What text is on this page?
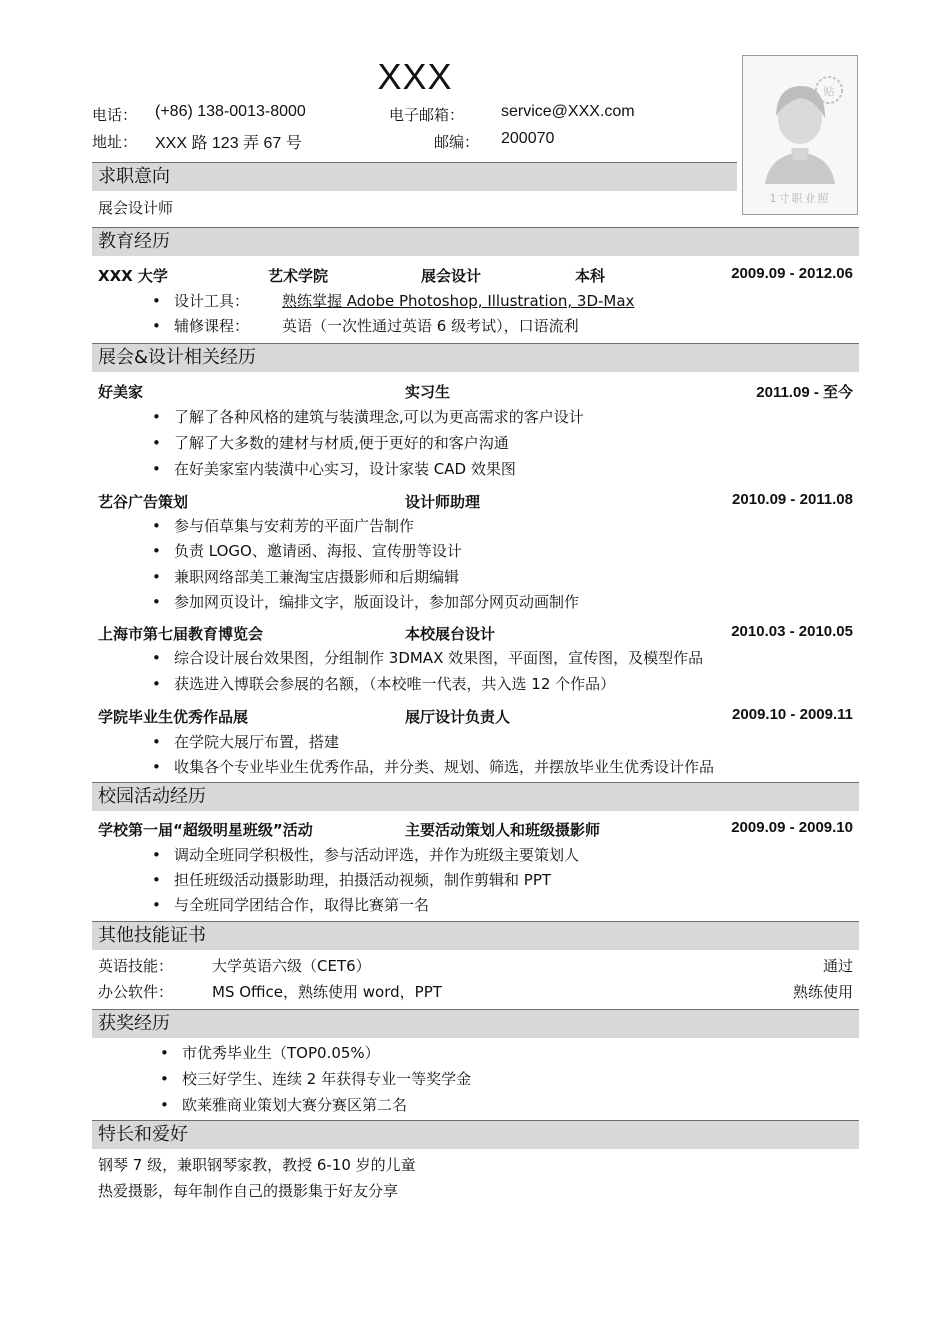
XXX
电话： (+86) 138-0013-8000	电子邮箱： service@XXX.com
地址： XXX 路 123 弄 67 号	邮编： 200070
贴
1寸职业照
求职意向
展会设计师
教育经历
XXX 大学	艺术学院	展会设计	本科	2009.09 - 2012.06
• 设计工具： 熟练掌握 Adobe Photoshop, Illustration, 3D-Max
• 辅修课程： 英语（一次性通过英语 6 级考试），口语流利
展会&设计相关经历
好美家	实习生	2011.09 - 至今
• 了解了各种风格的建筑与装潢理念,可以为更高需求的客户设计
• 了解了大多数的建材与材质,便于更好的和客户沟通
• 在好美家室内装潢中心实习，设计家装 CAD 效果图
艺谷广告策划	设计师助理	2010.09 - 2011.08
• 参与佰草集与安莉芳的平面广告制作
• 负责 LOGO、邀请函、海报、宣传册等设计
• 兼职网络部美工兼淘宝店摄影师和后期编辑
• 参加网页设计，编排文字，版面设计，参加部分网页动画制作
上海市第七届教育博览会	本校展台设计	2010.03 - 2010.05
• 综合设计展台效果图，分组制作 3DMAX 效果图，平面图，宣传图，及模型作品
• 获选进入博联会参展的名额，（本校唯一代表，共入选 12 个作品）
学院毕业生优秀作品展	展厅设计负责人	2009.10 - 2009.11
• 在学院大展厅布置，搭建
• 收集各个专业毕业生优秀作品，并分类、规划、筛选，并摆放毕业生优秀设计作品
校园活动经历
学校第一届“超级明星班级”活动	主要活动策划人和班级摄影师	2009.09 - 2009.10
• 调动全班同学积极性，参与活动评选，并作为班级主要策划人
• 担任班级活动摄影助理，拍摄活动视频，制作剪辑和 PPT
• 与全班同学团结合作，取得比赛第一名
其他技能证书
英语技能：	大学英语六级（CET6）	通过
办公软件：	MS Office，熟练使用 word，PPT	熟练使用
获奖经历
• 市优秀毕业生（TOP0.05%）
• 校三好学生、连续 2 年获得专业一等奖学金
• 欧莱雅商业策划大赛分赛区第二名
特长和爱好
钢琴 7 级，兼职钢琴家教，教授 6-10 岁的儿童
热爱摄影，每年制作自己的摄影集于好友分享
